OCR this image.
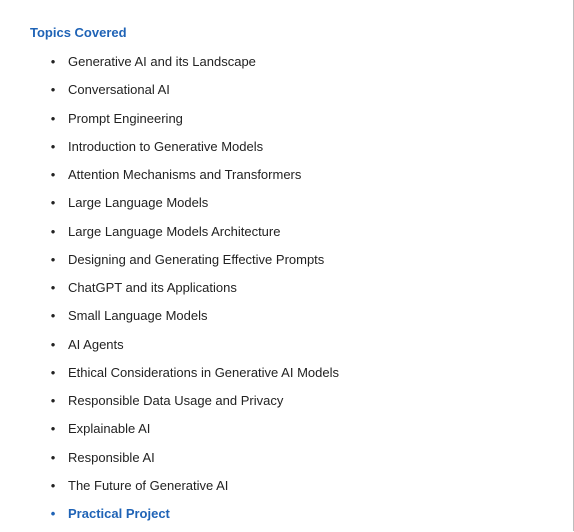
Topics Covered
• Generative AI and its Landscape
• Conversational AI
• Prompt Engineering
• Introduction to Generative Models
• Attention Mechanisms and Transformers
• Large Language Models
• Large Language Models Architecture
• Designing and Generating Effective Prompts
• ChatGPT and its Applications
• Small Language Models
• AI Agents
• Ethical Considerations in Generative AI Models
• Responsible Data Usage and Privacy
• Explainable AI
• Responsible AI
• The Future of Generative AI
• Practical Project
